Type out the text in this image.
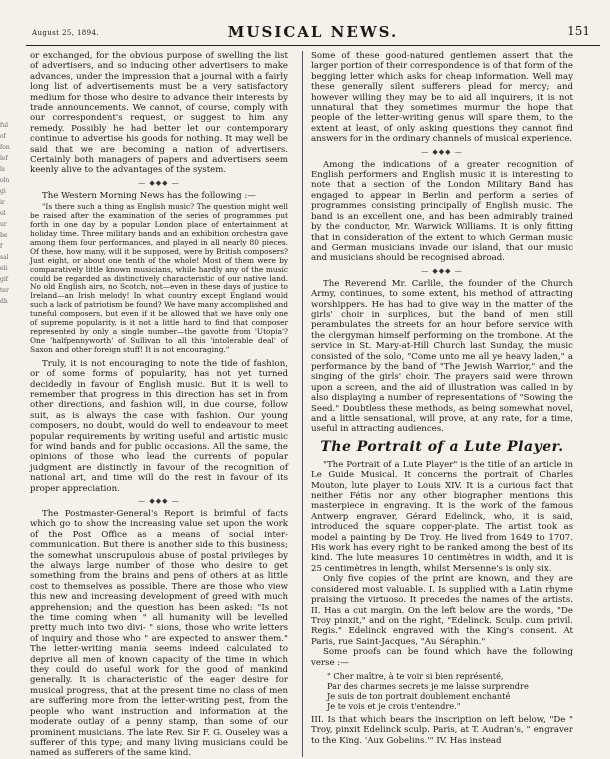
August 25, 1894.	MUSICAL NEWS.	151
ful
of
fon
lef
ls
oln
gi
ir
ol
ur
be
f
sal
eli
gif
ter
dh

or exchanged, for the obvious purpose of swelling the list of advertisers, and so inducing other advertisers to make advances, under the impression that a journal with a fairly long list of advertisements must be a very satisfactory medium for those who desire to advance their interests by trade announcements. We cannot, of course, comply with our correspondent's request, or suggest to him any remedy. Possibly he had better let our contemporary continue to advertise his goods for nothing. It may well be said that we are becoming a nation of advertisers. Certainly both managers of papers and advertisers seem keenly alive to the advantages of the system.

— ◆◆◆ —

The Western Morning News has the following :—

"Is there such a thing as English music? The question might well be raised after the examination of the series of programmes put forth in one day by a popular London place of entertainment at holiday time. Three military bands and an exhibition orchestra gave among them four performances, and played in all nearly 80 pieces. Of these, how many, will it be supposed, were by British composers? Just eight, or about one tenth of the whole! Most of them were by comparatively little known musicians, while hardly any of the music could be regarded as distinctively characteristic of our native land. No old English airs, no Scotch, not—even in these days of justice to Ireland—an Irish melody! In what country except England would such a lack of patriotism be found? We have many accomplished and tuneful composers, but even if it be allowed that we have only one of supreme popularity, is it not a little hard to find that composer represented by only a single number—the gavotte from 'Utopia'? One 'halfpennyworth' of Sullivan to all this 'intolerable deal' of Saxon and other foreign stuff! It is not encouraging."

Truly, it is not encouraging to note the tide of fashion, or of some forms of popularity, has not yet turned decidedly in favour of English music. But it is well to remember that progress in this direction has set in from other directions, and fashion will, in due course, follow suit, as is always the case with fashion. Our young composers, no doubt, would do well to endeavour to meet popular requirements by writing useful and artistic music for wind bands and for public occasions. All the same, the opinions of those who lead the currents of popular judgment are distinctly in favour of the recognition of national art, and time will do the rest in favour of its proper appreciation.

— ◆◆◆ —

The Postmaster-General's Report is brimful of facts which go to show the increasing value set upon the work of the Post Office as a means of social inter-communication. But there is another side to this business; the somewhat unscrupulous abuse of postal privileges by the always large number of those who desire to get something from the brains and pens of others at as little cost to themselves as possible. There are those who view this new and increasing development of greed with much apprehension; and the question has been asked: "Is not the time coming when " all humanity will be levelled pretty much into two divi- " sions, those who write letters of inquiry and those who " are expected to answer them." The letter-writing mania seems indeed calculated to deprive all men of known capacity of the time in which they could do useful work for the good of mankind generally. It is characteristic of the eager desire for musical progress, that at the present time no class of men are suffering more from the letter-writing pest, from the people who want instruction and information at the moderate outlay of a penny stamp, than some of our prominent musicians. The late Rev. Sir F. G. Ouseley was a sufferer of this type; and many living musicians could be named as sufferers of the same kind.

Some of these good-natured gentlemen assert that the larger portion of their correspondence is of that form of the begging letter which asks for cheap information. Well may these generally silent sufferers plead for mercy; and however willing they may be to aid all inquirers, it is not unnatural that they sometimes murmur the hope that people of the letter-writing genus will spare them, to the extent at least, of only asking questions they cannot find answers for in the ordinary channels of musical experience.

— ◆◆◆ —

Among the indications of a greater recognition of English performers and English music it is interesting to note that a section of the London Military Band has engaged to appear in Berlin and perform a series of programmes consisting principally of English music. The band is an excellent one, and has been admirably trained by the conductor, Mr. Warwick Williams. It is only fitting that in consideration of the extent to which German music and German musicians invade our island, that our music and musicians should be recognised abroad.

— ◆◆◆ —

The Reverend Mr. Carlile, the founder of the Church Army, continues, to some extent, his method of attracting worshippers. He has had to give way in the matter of the girls' choir in surplices, but the band of men still perambulates the streets for an hour before service with the clergyman himself performing on the trombone. At the service in St. Mary-at-Hill Church last Sunday, the music consisted of the solo, "Come unto me all ye heavy laden," a performance by the band of "The Jewish Warrior," and the singing of the girls' choir. The prayers said were thrown upon a screen, and the aid of illustration was called in by also displaying a number of representations of "Sowing the Seed." Doubtless these methods, as being somewhat novel, and a little sensational, will prove, at any rate, for a time, useful in attracting audiences.

The Portrait of a Lute Player.

"The Portrait of a Lute Player" is the title of an article in Le Guide Musical. It concerns the portrait of Charles Mouton, lute player to Louis XIV. It is a curious fact that neither Fétis nor any other biographer mentions this masterpiece in engraving. It is the work of the famous Antwerp engraver, Gérard Edelinck, who, it is said, introduced the square copper-plate. The artist took as model a painting by De Troy. He lived from 1649 to 1707. His work has every right to be ranked among the best of its kind. The lute measures 10 centimètres in width, and it is 25 centimètres in length, whilst Mersenne's is only six.

Only five copies of the print are known, and they are considered most valuable. I. Is supplied with a Latin rhyme praising the virtuoso. It precedes the names of the artists. II. Has a cut margin. On the left below are the words, "De Troy pinxit," and on the right, "Edelinck. Sculp. cum privil. Regis." Edelinck engraved with the King's consent. At Paris, rue Saint-Jacques, "Au Séraphin."

Some proofs can be found which have the following verse :—

" Cher maître, à te voir si bien représenté,
Par des charmes secrets je me laisse surprendre
Je suis de ton portrait doublement enchanté
Je te vois et je crois t'entendre."

III. Is that which bears the inscription on left below, "De " Troy, pinxit Edelinck sculp. Paris, at T. Audran's, " engraver to the King. 'Aux Gobelins.'" IV. Has instead
